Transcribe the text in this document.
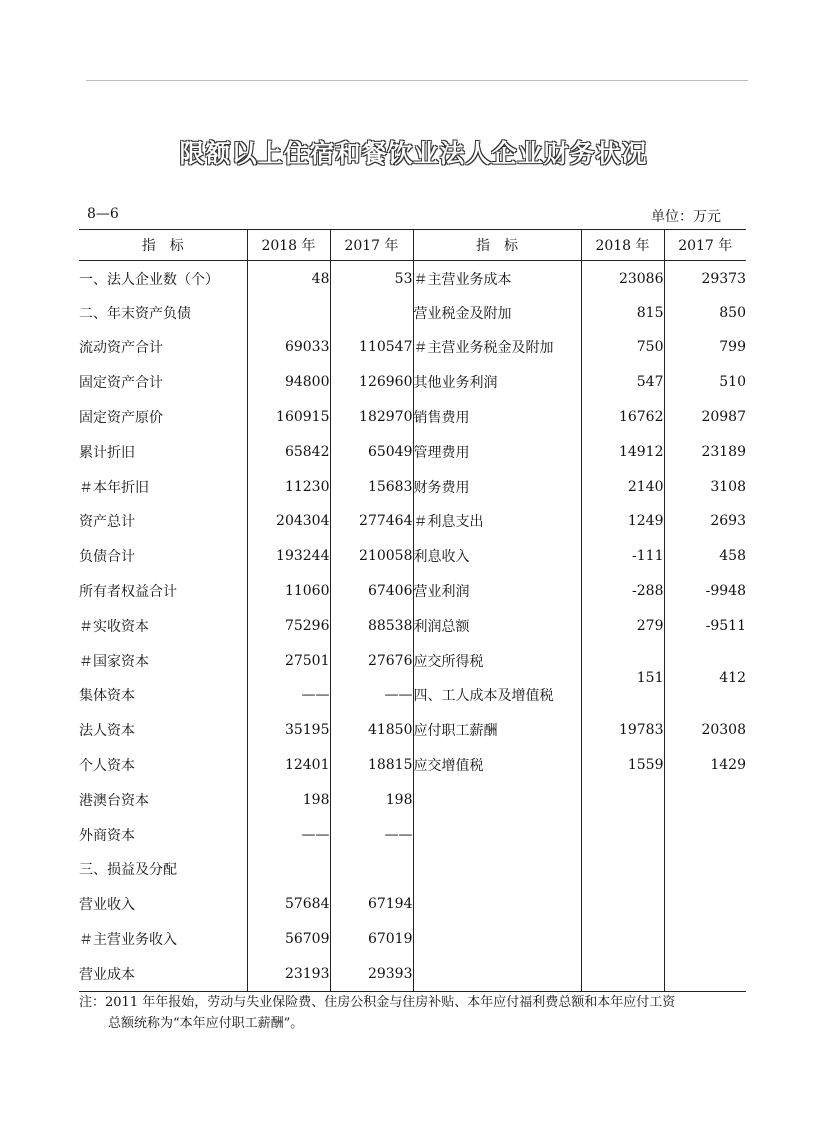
限额以上住宿和餐饮业法人企业财务状况
8—6	单位：万元
指　标	2018 年	2017 年	指　标	2018 年	2017 年
一、法人企业数（个）	48	53	＃主营业务成本	23086	29373
二、年末资产负债			营业税金及附加	815	850
流动资产合计	69033	110547	＃主营业务税金及附加	750	799
固定资产合计	94800	126960	其他业务利润	547	510
固定资产原价	160915	182970	销售费用	16762	20987
累计折旧	65842	65049	管理费用	14912	23189
＃本年折旧	11230	15683	财务费用	2140	3108
资产总计	204304	277464	＃利息支出	1249	2693
负债合计	193244	210058	利息收入	-111	458
所有者权益合计	11060	67406	营业利润	-288	-9948
＃实收资本	75296	88538	利润总额	279	-9511
＃国家资本	27501	27676	应交所得税	151	412
集体资本	——	——	四、工人成本及增值税		
法人资本	35195	41850	应付职工薪酬	19783	20308
个人资本	12401	18815	应交增值税	1559	1429
港澳台资本	198	198			
外商资本	——	——			
三、损益及分配					
营业收入	57684	67194			
＃主营业务收入	56709	67019			
营业成本	23193	29393			
注：2011 年年报始，劳动与失业保险费、住房公积金与住房补贴、本年应付福利费总额和本年应付工资
总额统称为“本年应付职工薪酬”。
